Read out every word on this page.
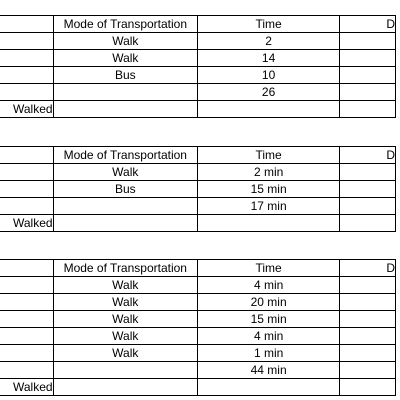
	Mode of Transportation	Time	D
	Walk	2	
	Walk	14	
	Bus	10	
		26	
Walked			
	Mode of Transportation	Time	D
	Walk	2 min	
	Bus	15 min	
		17 min	
Walked			
	Mode of Transportation	Time	D
	Walk	4 min	
	Walk	20 min	
	Walk	15 min	
	Walk	4 min	
	Walk	1 min	
		44 min	
Walked			
